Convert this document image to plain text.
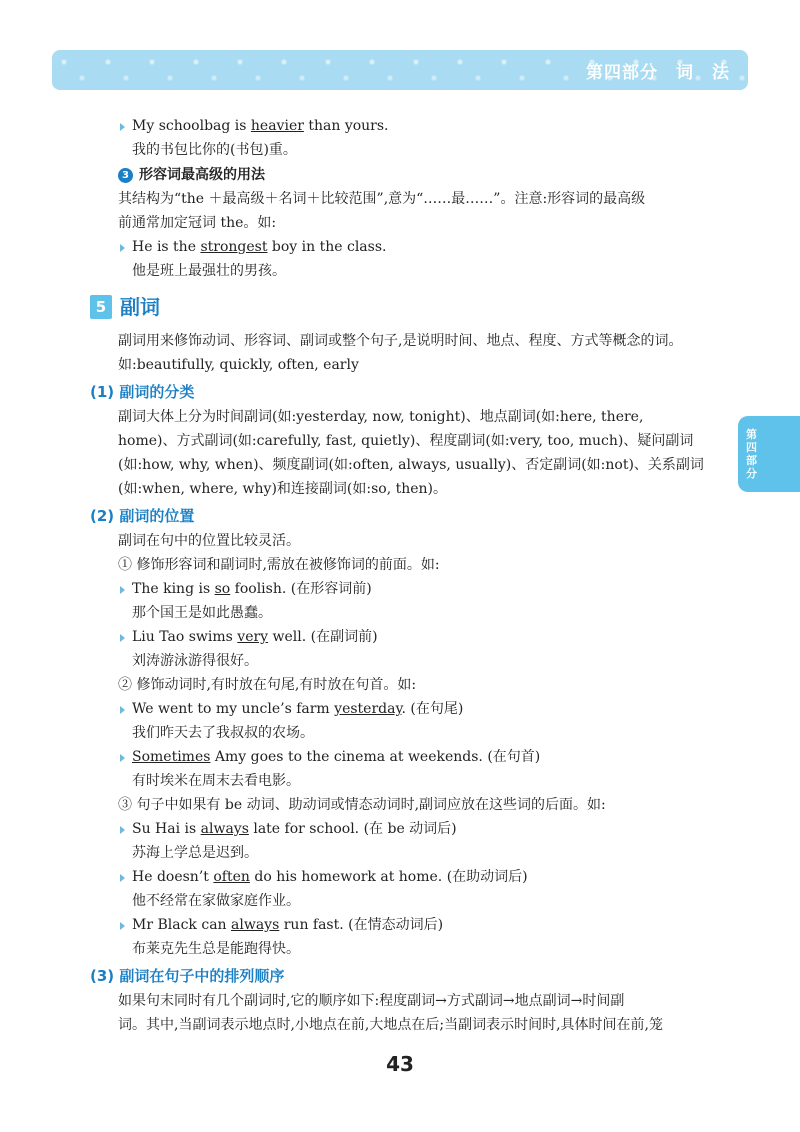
第四部分　词　法
第四部分

My schoolbag is heavier than yours.

我的书包比你的(书包)重。

3 形容词最高级的用法

其结构为“the ＋最高级＋名词＋比较范围”,意为“……最……”。注意:形容词的最高级

前通常加定冠词 the。如:

He is the strongest boy in the class.

他是班上最强壮的男孩。

5 副词

副词用来修饰动词、形容词、副词或整个句子,是说明时间、地点、程度、方式等概念的词。

如:beautifully, quickly, often, early

(1) 副词的分类

副词大体上分为时间副词(如:yesterday, now, tonight)、地点副词(如:here, there,

home)、方式副词(如:carefully, fast, quietly)、程度副词(如:very, too, much)、疑问副词

(如:how, why, when)、频度副词(如:often, always, usually)、否定副词(如:not)、关系副词

(如:when, where, why)和连接副词(如:so, then)。

(2) 副词的位置

副词在句中的位置比较灵活。

① 修饰形容词和副词时,需放在被修饰词的前面。如:

The king is so foolish. (在形容词前)

那个国王是如此愚蠢。

Liu Tao swims very well. (在副词前)

刘涛游泳游得很好。

② 修饰动词时,有时放在句尾,有时放在句首。如:

We went to my uncle’s farm yesterday. (在句尾)

我们昨天去了我叔叔的农场。

Sometimes Amy goes to the cinema at weekends. (在句首)

有时埃米在周末去看电影。

③ 句子中如果有 be 动词、助动词或情态动词时,副词应放在这些词的后面。如:

Su Hai is always late for school. (在 be 动词后)

苏海上学总是迟到。

He doesn’t often do his homework at home. (在助动词后)

他不经常在家做家庭作业。

Mr Black can always run fast. (在情态动词后)

布莱克先生总是能跑得快。

(3) 副词在句子中的排列顺序

如果句末同时有几个副词时,它的顺序如下:程度副词→方式副词→地点副词→时间副

词。其中,当副词表示地点时,小地点在前,大地点在后;当副词表示时间时,具体时间在前,笼

43
